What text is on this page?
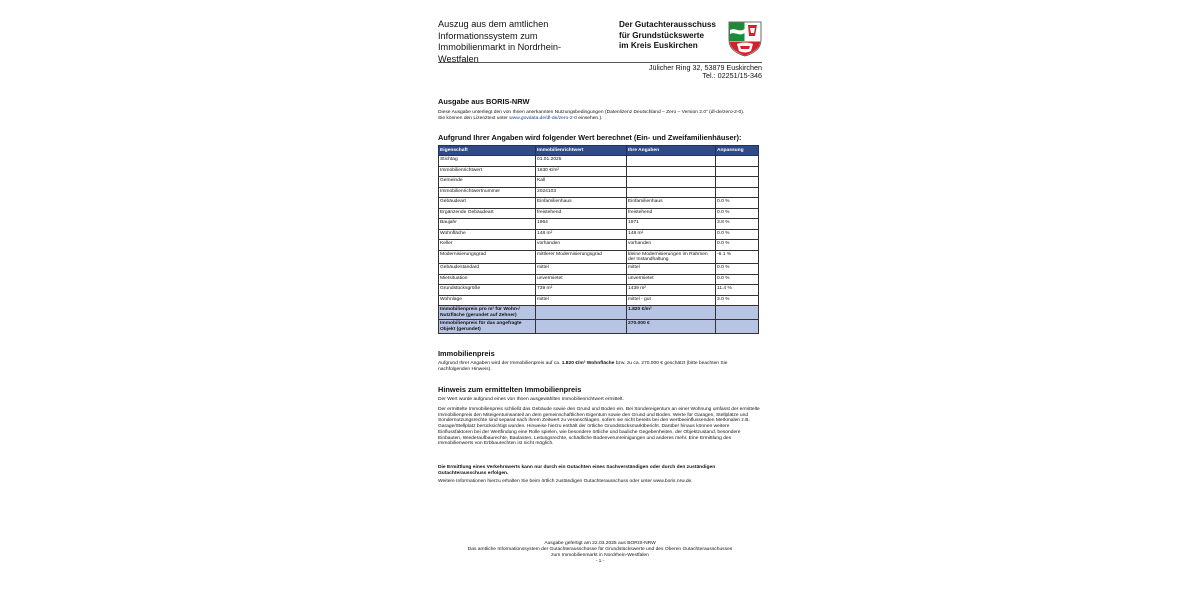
Auszug aus dem amtlichen Informationssystem zum Immobilienmarkt in Nordrhein-Westfalen
Der Gutachterausschuss
für Grundstückswerte
im Kreis Euskirchen
Jülicher Ring 32, 53879 Euskirchen
Tel.: 02251/15-346
Ausgabe aus BORIS-NRW
Diese Ausgabe unterliegt den von Ihnen anerkannten Nutzungsbedingungen (Datenlizenz Deutschland – Zero – Version 2.0" (dl-de/zero-2-0). Sie können den Lizenztext unter www.govdata.de/dl-de/zero-2-0 einsehen.).
Aufgrund Ihrer Angaben wird folgender Wert berechnet (Ein- und Zweifamilienhäuser):
Eigenschaft	Immobilienrichtwert	Ihre Angaben	Anpassung
Stichtag	01.01.2025		
Immobilienrichtwert	1630 €/m²		
Gemeinde	Kall		
Immobilienrichtwertnummer	2024103		
Gebäudeart	Einfamilienhaus	Einfamilienhaus	0.0 %
Ergänzende Gebäudeart	freistehend	freistehend	0.0 %
Baujahr	1964	1971	3.8 %
Wohnfläche	148 m²	148 m²	0.0 %
Keller	vorhanden	vorhanden	0.0 %
Modernisierungsgrad	mittlerer Modernisierungsgrad	kleine Modernisierungen im Rahmen der Instandhaltung	-6.1 %
Gebäudestandard	mittel	mittel	0.0 %
Mietsituation	unvermietet	unvermietet	0.0 %
Grundstücksgröße	739 m²	1439 m²	11.4 %
Wohnlage	mittel	mittel - gut	3.0 %
Immobilienpreis pro m² für Wohn-/ Nutzfläche (gerundet auf Zehner)		1.820 €/m²	
Immobilienpreis für das angefragte Objekt (gerundet)		270.000 €	
Immobilienpreis
Aufgrund Ihrer Angaben wird der Immobilienpreis auf ca. 1.820 €/m² Wohnfläche bzw. zu ca. 270.000 € geschätzt (bitte beachten Sie nachfolgenden Hinweis).
Hinweis zum ermittelten Immobilienpreis
Der Wert wurde aufgrund eines von Ihnen ausgewählten Immobilienrichtwert ermittelt.
Der ermittelte Immobilienpreis schließt das Gebäude sowie den Grund und Boden ein. Bei Sondereigentum an einer Wohnung umfasst der ermittelte Immobilienpreis den Miteigentumsanteil an dem gemeinschaftlichen Eigentum sowie den Grund und Boden. Werte für Garagen, Stellplätze und Sondernutzungsrechte sind separat nach ihrem Zeitwert zu veranschlagen, sofern sie nicht bereits bei den wertbeeinflussenden Merkmalen z.B. Garage/Stellplatz berücksichtigt wurden. Hinweise hierzu enthält der örtliche Grundstücksmarktbericht. Darüber hinaus können weitere Einflussfaktoren bei der Wertfindung eine Rolle spielen, wie besondere örtliche und bauliche Gegebenheiten, der Objektzustand, besondere Einbauten, Wiederaufbaurechte, Baulasten, Leitungsrechte, schädliche Bodenverunreinigungen und anderes mehr. Eine Ermittlung des Immobilienwerts von Erbbaurechten ist nicht möglich.
Die Ermittlung eines Verkehrswerts kann nur durch ein Gutachten eines Sachverständigen oder durch den zuständigen Gutachterausschuss erfolgen.
Weitere Informationen hierzu erhalten Sie beim örtlich zuständigen Gutachterausschuss oder unter www.boris.nrw.de.
Ausgabe gefertigt am 22.03.2025 aus BORIS-NRW
Das amtliche Informationssystem der Gutachterausschüsse für Grundstückswerte und des Oberen Gutachterausschusses
zum Immobilienmarkt in Nordrhein-Westfalen
- 1 -
